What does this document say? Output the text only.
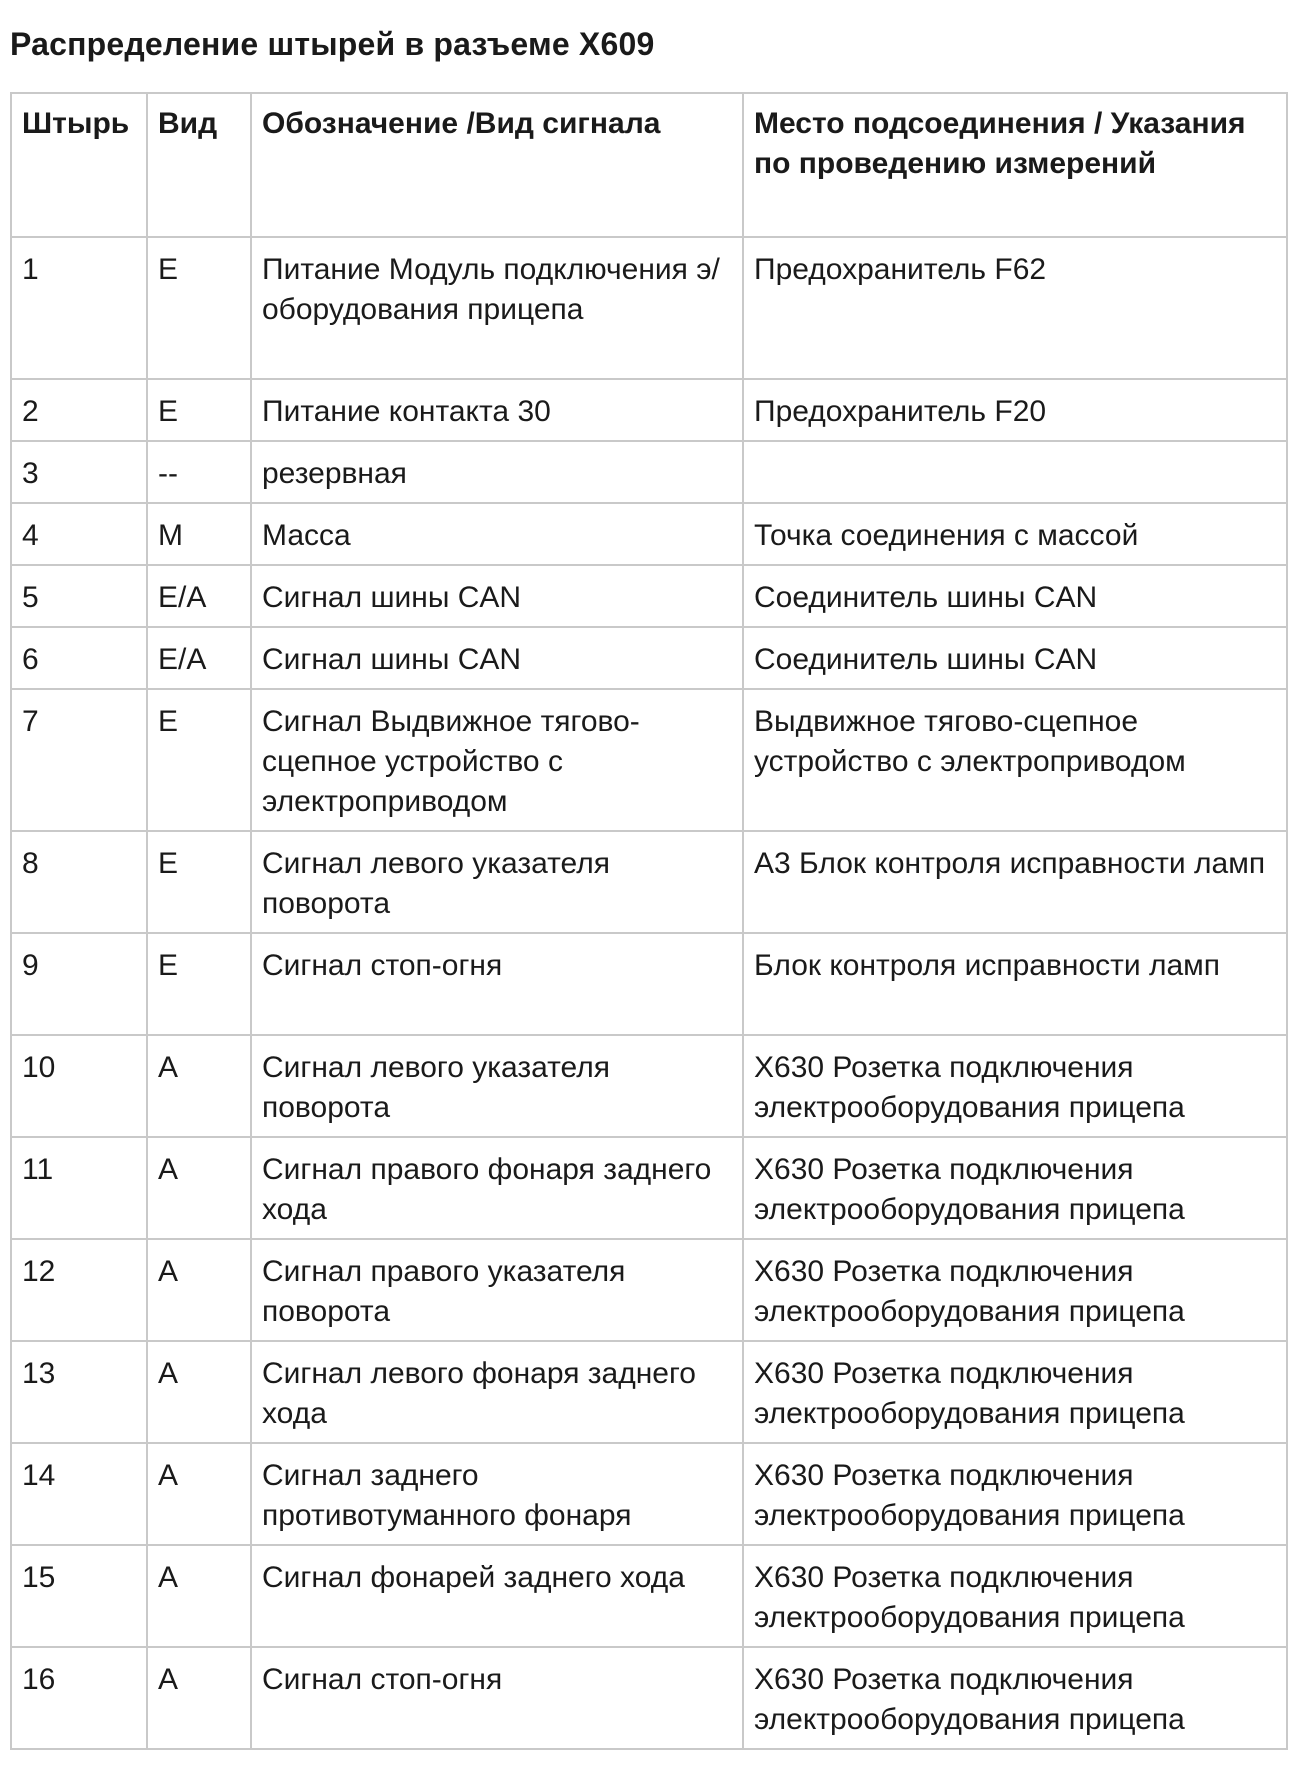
Распределение штырей в разъеме X609
Штырь	Вид	Обозначение /Вид сигнала	Место подсоединения / Указания по проведению измерений
1	E	Питание Модуль подключения э/ оборудования прицепа	Предохранитель F62
2	E	Питание контакта 30	Предохранитель F20
3	--	резервная	
4	M	Масса	Точка соединения с массой
5	E/A	Сигнал шины CAN	Соединитель шины CAN
6	E/A	Сигнал шины CAN	Соединитель шины CAN
7	E	Сигнал Выдвижное тягово-сцепное устройство с электроприводом	Выдвижное тягово-сцепное устройство с электроприводом
8	E	Сигнал левого указателя поворота	A3 Блок контроля исправности ламп
9	E	Сигнал стоп-огня	Блок контроля исправности ламп
10	A	Сигнал левого указателя поворота	X630 Розетка подключения электрооборудования прицепа
11	A	Сигнал правого фонаря заднего хода	X630 Розетка подключения электрооборудования прицепа
12	A	Сигнал правого указателя поворота	X630 Розетка подключения электрооборудования прицепа
13	A	Сигнал левого фонаря заднего хода	X630 Розетка подключения электрооборудования прицепа
14	A	Сигнал заднего противотуманного фонаря	X630 Розетка подключения электрооборудования прицепа
15	A	Сигнал фонарей заднего хода	X630 Розетка подключения электрооборудования прицепа
16	A	Сигнал стоп-огня	X630 Розетка подключения электрооборудования прицепа
